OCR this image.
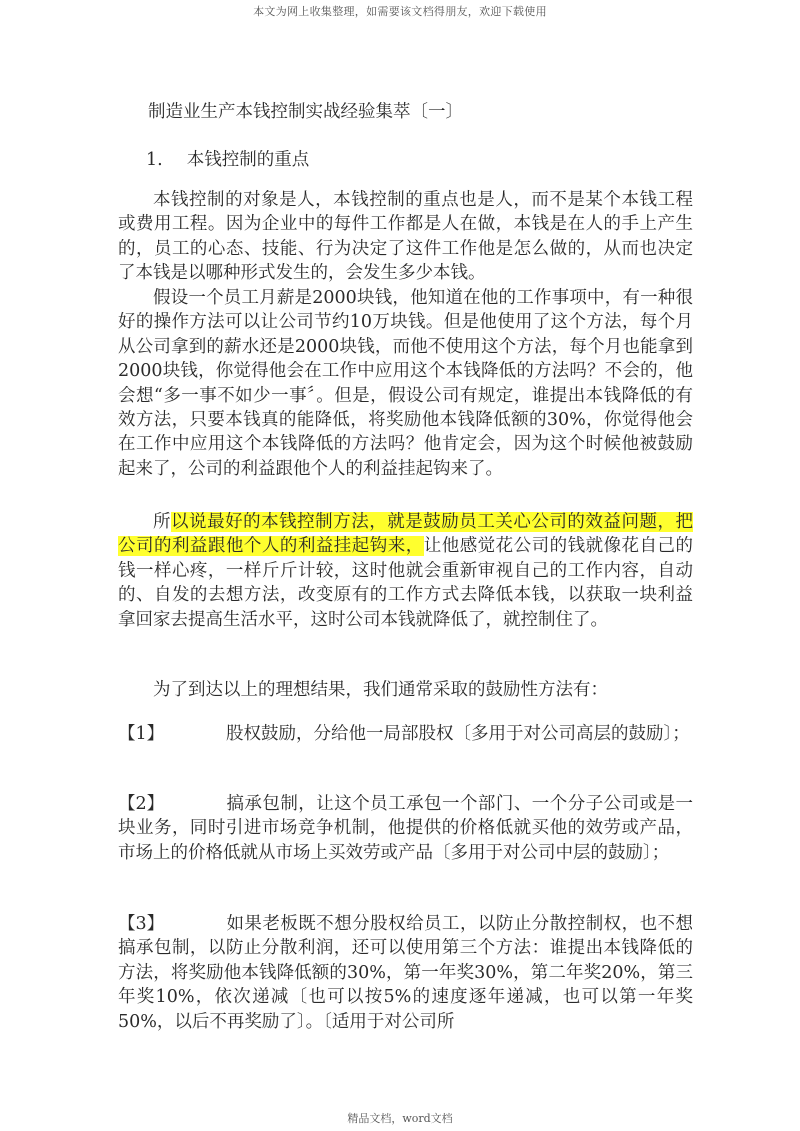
本文为网上收集整理，如需要该文档得朋友，欢迎下载使用
制造业生产本钱控制实战经验集萃〔一〕
1. 本钱控制的重点
本钱控制的对象是人，本钱控制的重点也是人，而不是某个本钱工程或费用工程。因为企业中的每件工作都是人在做，本钱是在人的手上产生的，员工的心态、技能、行为决定了这件工作他是怎么做的，从而也决定了本钱是以哪种形式发生的，会发生多少本钱。
假设一个员工月薪是2000块钱，他知道在他的工作事项中，有一种很好的操作方法可以让公司节约10万块钱。但是他使用了这个方法，每个月从公司拿到的薪水还是2000块钱，而他不使用这个方法，每个月也能拿到2000块钱，你觉得他会在工作中应用这个本钱降低的方法吗？不会的，他会想“多一事不如少一事〞。但是，假设公司有规定，谁提出本钱降低的有效方法，只要本钱真的能降低，将奖励他本钱降低额的30%，你觉得他会在工作中应用这个本钱降低的方法吗？他肯定会，因为这个时候他被鼓励起来了，公司的利益跟他个人的利益挂起钩来了。
所以说最好的本钱控制方法，就是鼓励员工关心公司的效益问题，把公司的利益跟他个人的利益挂起钩来，让他感觉花公司的钱就像花自己的钱一样心疼，一样斤斤计较，这时他就会重新审视自己的工作内容，自动的、自发的去想方法，改变原有的工作方式去降低本钱，以获取一块利益拿回家去提高生活水平，这时公司本钱就降低了，就控制住了。
为了到达以上的理想结果，我们通常采取的鼓励性方法有：
【1】	股权鼓励，分给他一局部股权〔多用于对公司高层的鼓励〕；
【2】	搞承包制，让这个员工承包一个部门、一个分子公司或是一块业务，同时引进市场竞争机制，他提供的价格低就买他的效劳或产品，市场上的价格低就从市场上买效劳或产品〔多用于对公司中层的鼓励〕；
【3】	如果老板既不想分股权给员工，以防止分散控制权，也不想搞承包制，以防止分散利润，还可以使用第三个方法：谁提出本钱降低的方法，将奖励他本钱降低额的30%，第一年奖30%，第二年奖20%，第三年奖10%，依次递减〔也可以按5%的速度逐年递减，也可以第一年奖50%，以后不再奖励了〕。〔适用于对公司所
精品文档，word文档
